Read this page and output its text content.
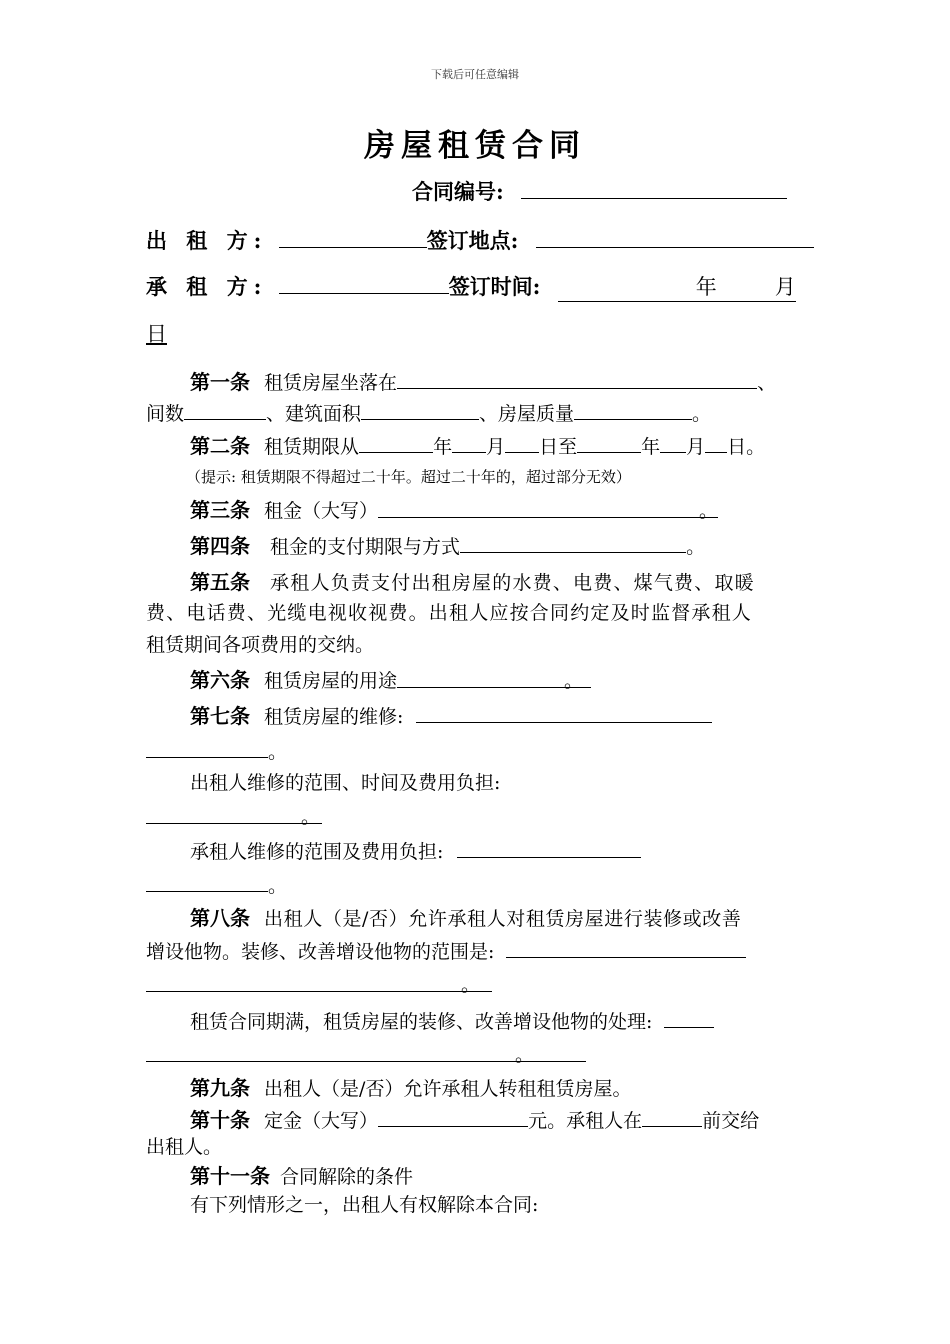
下载后可任意编辑
房屋租赁合同
合同编号:
出 租 方:	签订地点:
承 租 方:	签订时间:	年	月
日
第一条 租赁房屋坐落在	、
间数	、建筑面积	、房屋质量	。
第二条 租赁期限从	年 月 日至	年 月 日。
（提示: 租赁期限不得超过二十年。超过二十年的，超过部分无效）
第三条 租金（大写）	。
第四条 租金的支付期限与方式	。
第五条 承租人负责支付出租房屋的水费、电费、煤气费、取暖
费、电话费、光缆电视收视费。出租人应按合同约定及时监督承租人
租赁期间各项费用的交纳。
第六条 租赁房屋的用途	。
第七条 租赁房屋的维修:
。
出租人维修的范围、时间及费用负担:
。
承租人维修的范围及费用负担:
。
第八条 出租人（是/否）允许承租人对租赁房屋进行装修或改善
增设他物。装修、改善增设他物的范围是:
。
租赁合同期满，租赁房屋的装修、改善增设他物的处理:
。
第九条 出租人（是/否）允许承租人转租租赁房屋。
第十条 定金（大写）	元。承租人在	前交给
出租人。
第十一条 合同解除的条件
有下列情形之一，出租人有权解除本合同:
